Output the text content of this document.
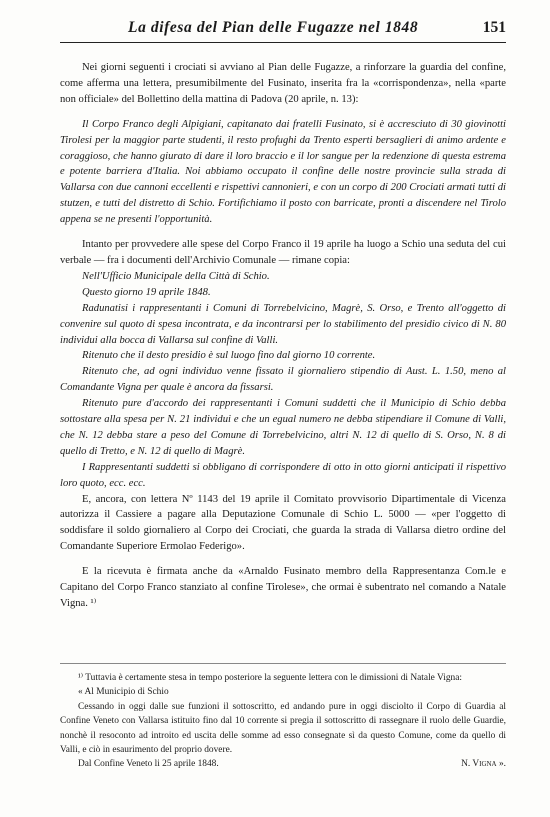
La difesa del Pian delle Fugazze nel 1848	151

Nei giorni seguenti i crociati si avviano al Pian delle Fugazze, a rinforzare la guardia del confine, come afferma una lettera, presumibilmente del Fusinato, inserita fra la «corrispondenza», nella «parte non officiale» del Bollettino della mattina di Padova (20 aprile, n. 13):

Il Corpo Franco degli Alpigiani, capitanato dai fratelli Fusinato, si è accresciuto di 30 giovinotti Tirolesi per la maggior parte studenti, il resto profughi da Trento esperti bersaglieri di animo ardente e coraggioso, che hanno giurato di dare il loro braccio e il lor sangue per la redenzione di questa estrema e potente barriera d'Italia. Noi abbiamo occupato il confine delle nostre provincie sulla strada di Vallarsa con due cannoni eccellenti e rispettivi cannonieri, e con un corpo di 200 Crociati armati tutti di stutzen, e tutti del distretto di Schio. Fortifichiamo il posto con barricate, pronti a discendere nel Tirolo appena se ne presenti l'opportunità.

Intanto per provvedere alle spese del Corpo Franco il 19 aprile ha luogo a Schio una seduta del cui verbale — fra i documenti dell'Archivio Comunale — rimane copia:

Nell'Ufficio Municipale della Città di Schio.

Questo giorno 19 aprile 1848.

Radunatisi i rappresentanti i Comuni di Torrebelvicino, Magrè, S. Orso, e Trento all'oggetto di convenire sul quoto di spesa incontrata, e da incontrarsi per lo stabilimento del presidio civico di N. 80 individui alla bocca di Vallarsa sul confine di Valli.

Ritenuto che il desto presidio è sul luogo fino dal giorno 10 corrente.

Ritenuto che, ad ogni individuo venne fissato il giornaliero stipendio di Aust. L. 1.50, meno al Comandante Vigna per quale è ancora da fissarsi.

Ritenuto pure d'accordo dei rappresentanti i Comuni suddetti che il Municipio di Schio debba sottostare alla spesa per N. 21 individui e che un egual numero ne debba stipendiare il Comune di Valli, che N. 12 debba stare a peso del Comune di Torrebelvicino, altri N. 12 di quello di S. Orso, N. 8 di quello di Tretto, e N. 12 di quello di Magrè.

I Rappresentanti suddetti si obbligano di corrispondere di otto in otto giorni anticipati il rispettivo loro quoto, ecc. ecc.

E, ancora, con lettera Nº 1143 del 19 aprile il Comitato provvisorio Dipartimentale di Vicenza autorizza il Cassiere a pagare alla Deputazione Comunale di Schio L. 5000 — «per l'oggetto di soddisfare il soldo giornaliero al Corpo dei Crociati, che guarda la strada di Vallarsa dietro ordine del Comandante Superiore Ermolao Federigo».

E la ricevuta è firmata anche da «Arnaldo Fusinato membro della Rappresentanza Com.le e Capitano del Corpo Franco stanziato al confine Tirolese», che ormai è subentrato nel comando a Natale Vigna. ¹⁾

¹⁾ Tuttavia è certamente stesa in tempo posteriore la seguente lettera con le dimissioni di Natale Vigna:

« Al Municipio di Schio

Cessando in oggi dalle sue funzioni il sottoscritto, ed andando pure in oggi disciolto il Corpo di Guardia al Confine Veneto con Vallarsa istituito fino dal 10 corrente si pregia il sottoscritto di rassegnare il ruolo delle Guardie, nonchè il resoconto ad introito ed uscita delle somme ad esso consegnate sì da questo Comune, come da quello di Valli, e ciò in esaurimento del proprio dovere.

Dal Confine Veneto li 25 aprile 1848.	N. Vigna ».
